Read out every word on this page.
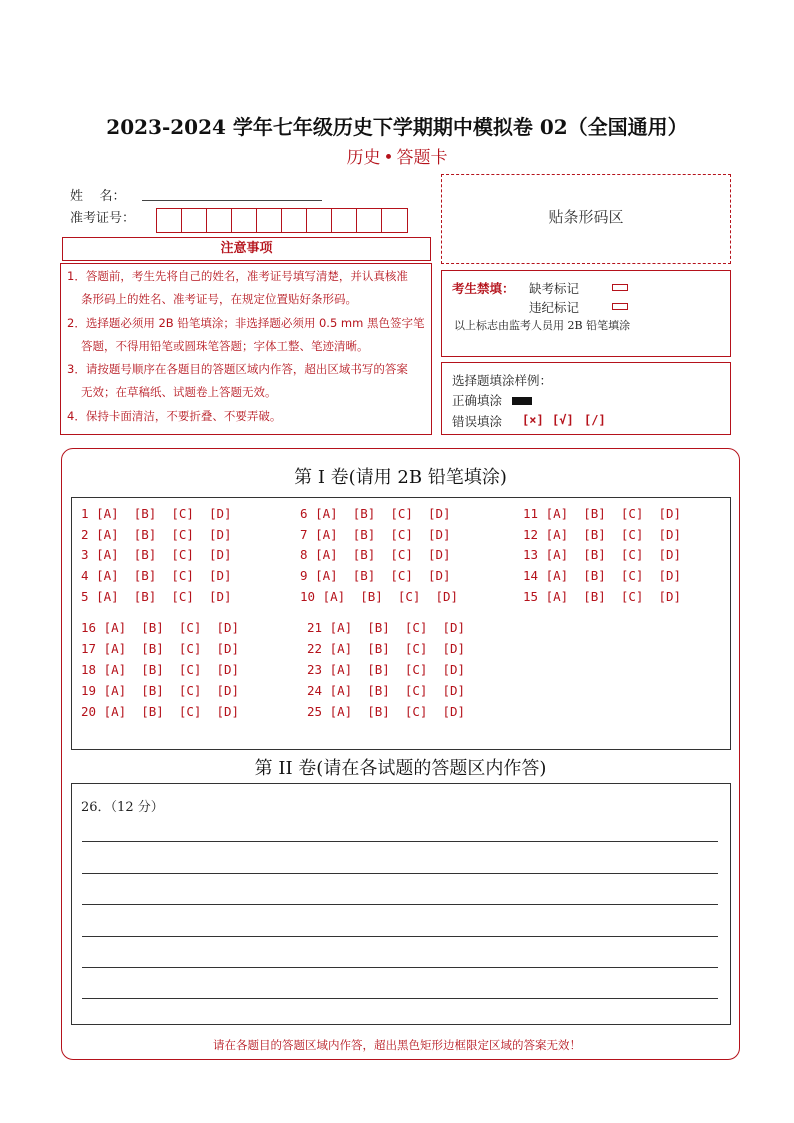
2023-2024 学年七年级历史下学期期中模拟卷 02（全国通用）
历史 • 答题卡
姓    名：
准考证号：	贴条形码区
注意事项
1．答题前，考生先将自己的姓名，准考证号填写清楚，并认真核准
条形码上的姓名、准考证号，在规定位置贴好条形码。
2．选择题必须用 2B 铅笔填涂；非选择题必须用 0.5 mm 黑色签字笔
答题，不得用铅笔或圆珠笔答题；字体工整、笔迹清晰。
3．请按题号顺序在各题目的答题区域内作答，超出区域书写的答案
无效；在草稿纸、试题卷上答题无效。
4．保持卡面清洁，不要折叠、不要弄破。
考生禁填： 缺考标记
违纪标记
以上标志由监考人员用 2B 铅笔填涂
选择题填涂样例：
正确填涂
错误填涂 [×] [√] [/]
第 I 卷(请用 2B 铅笔填涂)
1 [A]  [B]  [C]  [D]
2 [A]  [B]  [C]  [D]
3 [A]  [B]  [C]  [D]
4 [A]  [B]  [C]  [D]
5 [A]  [B]  [C]  [D]
6 [A]  [B]  [C]  [D]
7 [A]  [B]  [C]  [D]
8 [A]  [B]  [C]  [D]
9 [A]  [B]  [C]  [D]
10 [A]  [B]  [C]  [D]
11 [A]  [B]  [C]  [D]
12 [A]  [B]  [C]  [D]
13 [A]  [B]  [C]  [D]
14 [A]  [B]  [C]  [D]
15 [A]  [B]  [C]  [D]
16 [A]  [B]  [C]  [D]
17 [A]  [B]  [C]  [D]
18 [A]  [B]  [C]  [D]
19 [A]  [B]  [C]  [D]
20 [A]  [B]  [C]  [D]
21 [A]  [B]  [C]  [D]
22 [A]  [B]  [C]  [D]
23 [A]  [B]  [C]  [D]
24 [A]  [B]  [C]  [D]
25 [A]  [B]  [C]  [D]
第 II 卷(请在各试题的答题区内作答)
26．（12 分）
请在各题目的答题区域内作答，超出黑色矩形边框限定区域的答案无效！
